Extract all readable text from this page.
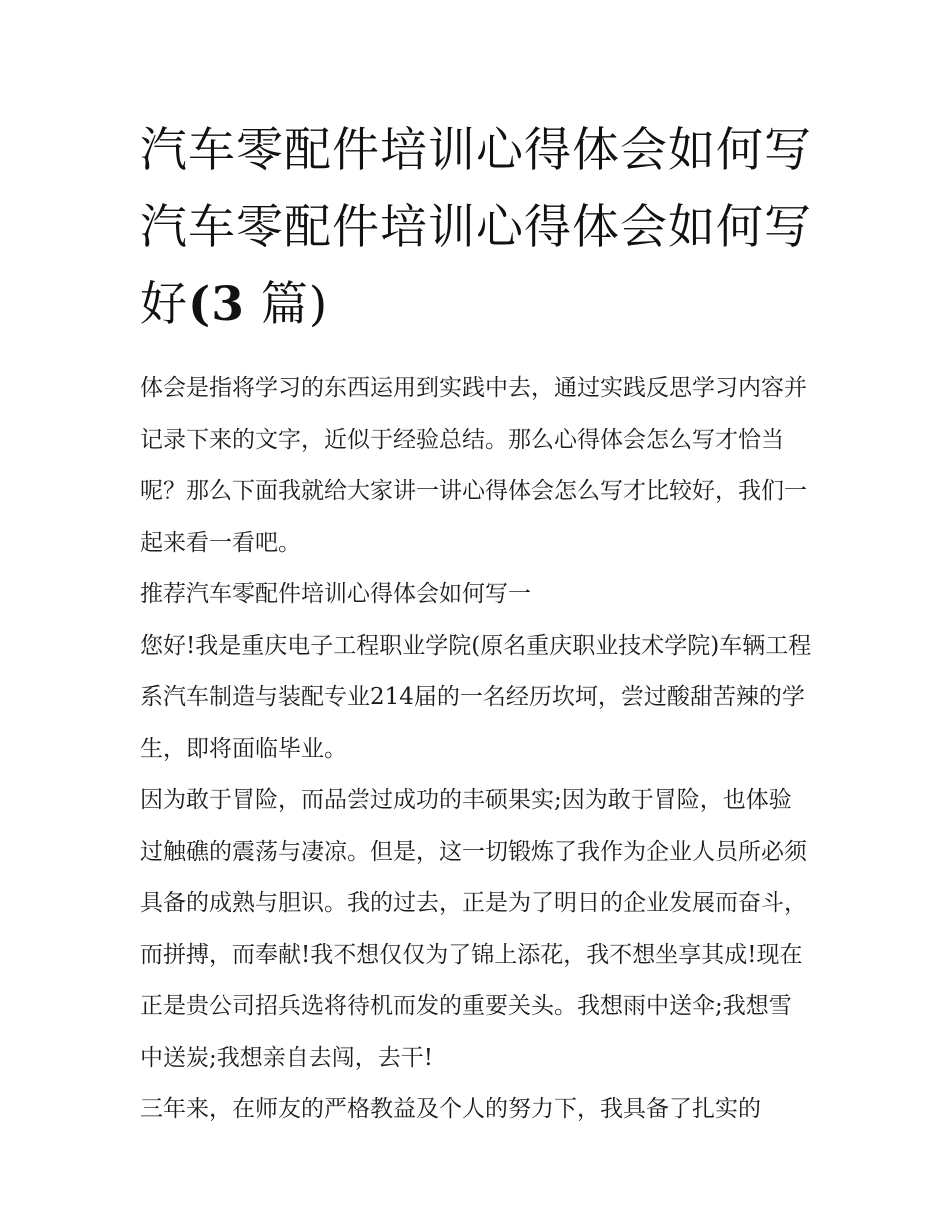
汽车零配件培训心得体会如何写 汽车零配件培训心得体会如何写好(3 篇)

体会是指将学习的东西运用到实践中去，通过实践反思学习内容并记录下来的文字，近似于经验总结。那么心得体会怎么写才恰当呢？那么下面我就给大家讲一讲心得体会怎么写才比较好，我们一起来看一看吧。

推荐汽车零配件培训心得体会如何写一

您好!我是重庆电子工程职业学院(原名重庆职业技术学院)车辆工程系汽车制造与装配专业214届的一名经历坎坷，尝过酸甜苦辣的学生，即将面临毕业。

因为敢于冒险，而品尝过成功的丰硕果实;因为敢于冒险，也体验过触礁的震荡与凄凉。但是，这一切锻炼了我作为企业人员所必须具备的成熟与胆识。我的过去，正是为了明日的企业发展而奋斗，而拼搏，而奉献!我不想仅仅为了锦上添花，我不想坐享其成!现在正是贵公司招兵选将待机而发的重要关头。我想雨中送伞;我想雪中送炭;我想亲自去闯，去干!

三年来，在师友的严格教益及个人的努力下，我具备了扎实的
